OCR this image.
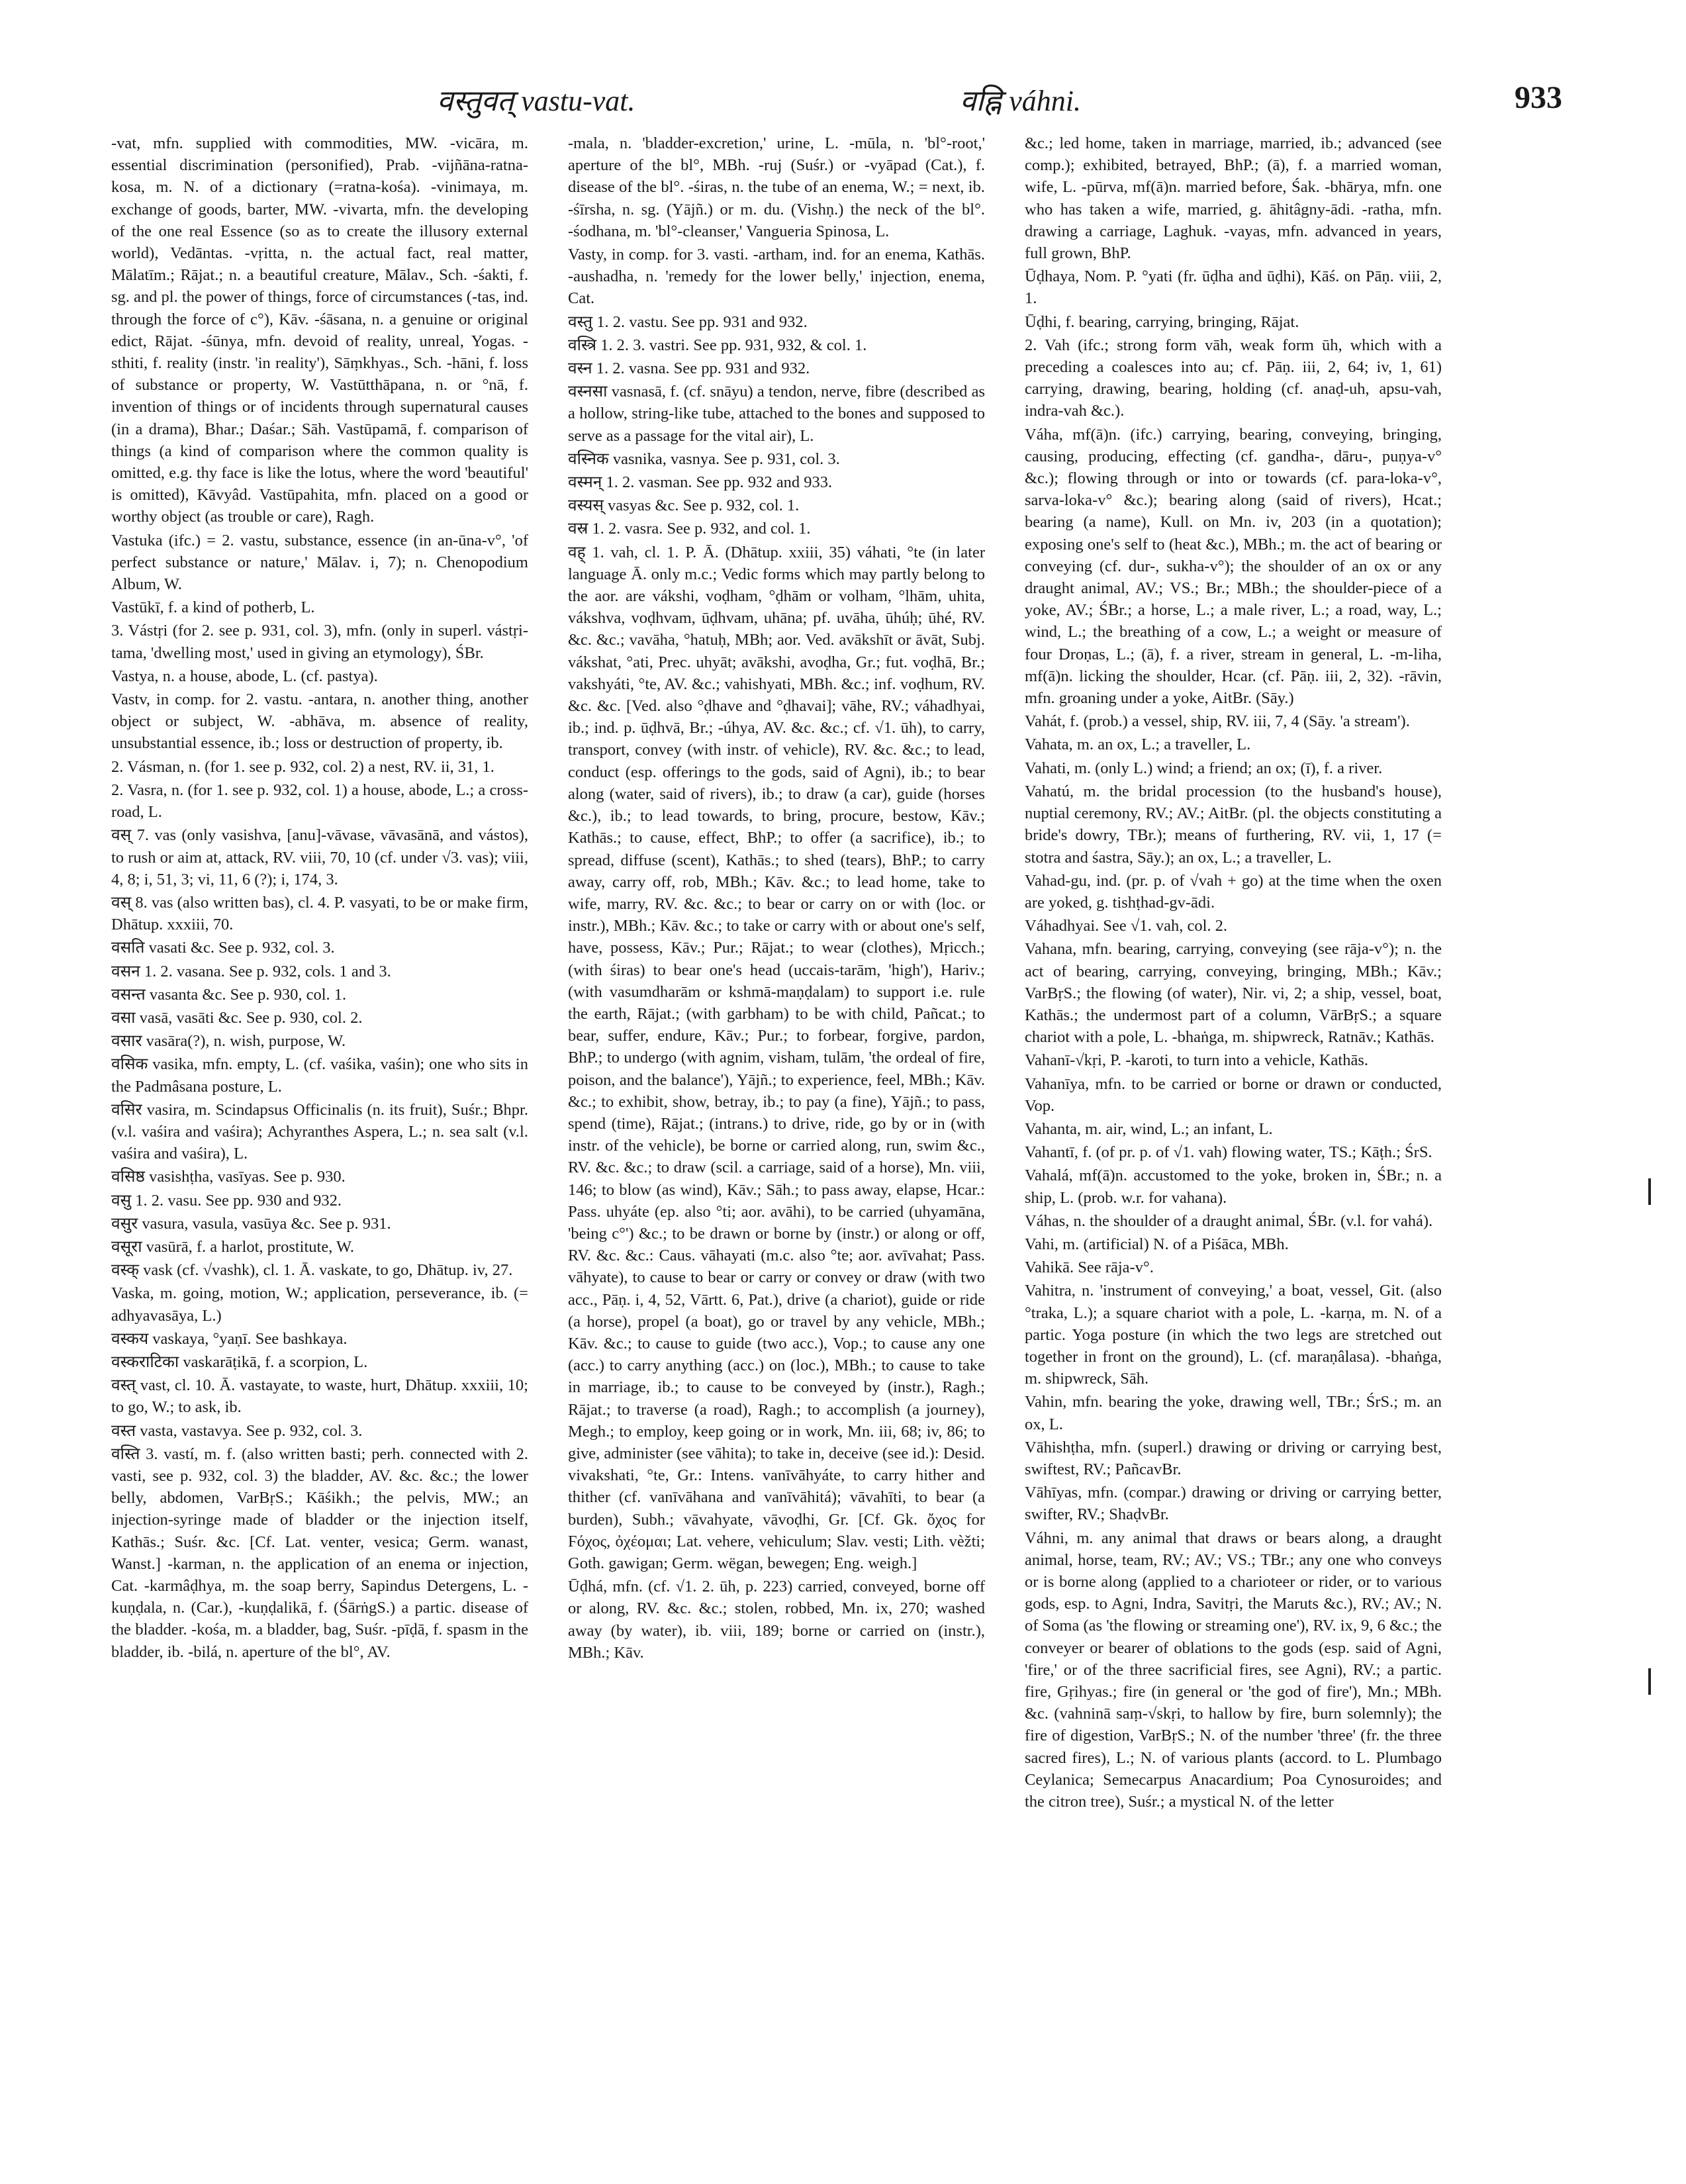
वस्तुवत् vastu-vat.	वह्नि váhni.	933

-vat, mfn. supplied with commodities, MW. -vicāra, m. essential discrimination (personified), Prab. -vijñāna-ratna-kosa, m. N. of a dictionary (=ratna-kośa). -vinimaya, m. exchange of goods, barter, MW. -vivarta, mfn. the developing of the one real Essence (so as to create the illusory external world), Vedāntas. -vṛitta, n. the actual fact, real matter, Mālatīm.; Rājat.; n. a beautiful creature, Mālav., Sch. -śakti, f. sg. and pl. the power of things, force of circumstances (-tas, ind. through the force of c°), Kāv. -śāsana, n. a genuine or original edict, Rājat. -śūnya, mfn. devoid of reality, unreal, Yogas. -sthiti, f. reality (instr. 'in reality'), Sāṃkhyas., Sch. -hāni, f. loss of substance or property, W. Vastūtthāpana, n. or °nā, f. invention of things or of incidents through supernatural causes (in a drama), Bhar.; Daśar.; Sāh. Vastūpamā, f. comparison of things (a kind of comparison where the common quality is omitted, e.g. thy face is like the lotus, where the word 'beautiful' is omitted), Kāvyâd. Vastūpahita, mfn. placed on a good or worthy object (as trouble or care), Ragh.

Vastuka (ifc.) = 2. vastu, substance, essence (in an-ūna-v°, 'of perfect substance or nature,' Mālav. i, 7); n. Chenopodium Album, W.

Vastūkī, f. a kind of potherb, L.

3. Vástṛi (for 2. see p. 931, col. 3), mfn. (only in superl. vástṛi-tama, 'dwelling most,' used in giving an etymology), ŚBr.

Vastya, n. a house, abode, L. (cf. pastya).

Vastv, in comp. for 2. vastu. -antara, n. another thing, another object or subject, W. -abhāva, m. absence of reality, unsubstantial essence, ib.; loss or destruction of property, ib.

2. Vásman, n. (for 1. see p. 932, col. 2) a nest, RV. ii, 31, 1.

2. Vasra, n. (for 1. see p. 932, col. 1) a house, abode, L.; a cross-road, L.

वस् 7. vas (only vasishva, [anu]-vāvase, vāvasānā, and vástos), to rush or aim at, attack, RV. viii, 70, 10 (cf. under √3. vas); viii, 4, 8; i, 51, 3; vi, 11, 6 (?); i, 174, 3.

वस् 8. vas (also written bas), cl. 4. P. vasyati, to be or make firm, Dhātup. xxxiii, 70.

वसति vasati &c. See p. 932, col. 3.

वसन 1. 2. vasana. See p. 932, cols. 1 and 3.

वसन्त vasanta &c. See p. 930, col. 1.

वसा vasā, vasāti &c. See p. 930, col. 2.

वसार vasāra(?), n. wish, purpose, W.

वसिक vasika, mfn. empty, L. (cf. vaśika, vaśin); one who sits in the Padmâsana posture, L.

वसिर vasira, m. Scindapsus Officinalis (n. its fruit), Suśr.; Bhpr. (v.l. vaśira and vaśira); Achyranthes Aspera, L.; n. sea salt (v.l. vaśira and vaśira), L.

वसिष्ठ vasishṭha, vasīyas. See p. 930.

वसु 1. 2. vasu. See pp. 930 and 932.

वसुर vasura, vasula, vasūya &c. See p. 931.

वसूरा vasūrā, f. a harlot, prostitute, W.

वस्क् vask (cf. √vashk), cl. 1. Ā. vaskate, to go, Dhātup. iv, 27.

Vaska, m. going, motion, W.; application, perseverance, ib. (= adhyavasāya, L.)

वस्कय vaskaya, °yaṇī. See bashkaya.

वस्कराटिका vaskarāṭikā, f. a scorpion, L.

वस्त् vast, cl. 10. Ā. vastayate, to waste, hurt, Dhātup. xxxiii, 10; to go, W.; to ask, ib.

वस्त vasta, vastavya. See p. 932, col. 3.

वस्ति 3. vastí, m. f. (also written basti; perh. connected with 2. vasti, see p. 932, col. 3) the bladder, AV. &c. &c.; the lower belly, abdomen, VarBṛS.; Kāśikh.; the pelvis, MW.; an injection-syringe made of bladder or the injection itself, Kathās.; Suśr. &c. [Cf. Lat. venter, vesica; Germ. wanast, Wanst.] -karman, n. the application of an enema or injection, Cat. -karmâḍhya, m. the soap berry, Sapindus Detergens, L. -kuṇḍala, n. (Car.), -kuṇḍalikā, f. (ŚārṅgS.) a partic. disease of the bladder. -kośa, m. a bladder, bag, Suśr. -pīḍā, f. spasm in the bladder, ib. -bilá, n. aperture of the bl°, AV.

-mala, n. 'bladder-excretion,' urine, L. -mūla, n. 'bl°-root,' aperture of the bl°, MBh. -ruj (Suśr.) or -vyāpad (Cat.), f. disease of the bl°. -śiras, n. the tube of an enema, W.; = next, ib. -śīrsha, n. sg. (Yājñ.) or m. du. (Vishṇ.) the neck of the bl°. -śodhana, m. 'bl°-cleanser,' Vangueria Spinosa, L.

Vasty, in comp. for 3. vasti. -artham, ind. for an enema, Kathās. -aushadha, n. 'remedy for the lower belly,' injection, enema, Cat.

वस्तु 1. 2. vastu. See pp. 931 and 932.

वस्त्रि 1. 2. 3. vastri. See pp. 931, 932, & col. 1.

वस्न 1. 2. vasna. See pp. 931 and 932.

वस्नसा vasnasā, f. (cf. snāyu) a tendon, nerve, fibre (described as a hollow, string-like tube, attached to the bones and supposed to serve as a passage for the vital air), L.

वस्निक vasnika, vasnya. See p. 931, col. 3.

वस्मन् 1. 2. vasman. See pp. 932 and 933.

वस्यस् vasyas &c. See p. 932, col. 1.

वस्र 1. 2. vasra. See p. 932, and col. 1.

वह् 1. vah, cl. 1. P. Ā. (Dhātup. xxiii, 35) váhati, °te (in later language Ā. only m.c.; Vedic forms which may partly belong to the aor. are vákshi, voḍham, °ḍhām or volham, °lhām, uhita, vákshva, voḍhvam, ūḍhvam, uhāna; pf. uvāha, ūhúḥ; ūhé, RV. &c. &c.; vavāha, °hatuḥ, MBh; aor. Ved. avākshīt or āvāt, Subj. vákshat, °ati, Prec. uhyāt; avākshi, avoḍha, Gr.; fut. voḍhā, Br.; vakshyáti, °te, AV. &c.; vahishyati, MBh. &c.; inf. voḍhum, RV. &c. &c. [Ved. also °ḍhave and °ḍhavai]; vāhe, RV.; váhadhyai, ib.; ind. p. ūḍhvā, Br.; -úhya, AV. &c. &c.; cf. √1. ūh), to carry, transport, convey (with instr. of vehicle), RV. &c. &c.; to lead, conduct (esp. offerings to the gods, said of Agni), ib.; to bear along (water, said of rivers), ib.; to draw (a car), guide (horses &c.), ib.; to lead towards, to bring, procure, bestow, Kāv.; Kathās.; to cause, effect, BhP.; to offer (a sacrifice), ib.; to spread, diffuse (scent), Kathās.; to shed (tears), BhP.; to carry away, carry off, rob, MBh.; Kāv. &c.; to lead home, take to wife, marry, RV. &c. &c.; to bear or carry on or with (loc. or instr.), MBh.; Kāv. &c.; to take or carry with or about one's self, have, possess, Kāv.; Pur.; Rājat.; to wear (clothes), Mṛicch.; (with śiras) to bear one's head (uccais-tarām, 'high'), Hariv.; (with vasumdharām or kshmā-maṇḍalam) to support i.e. rule the earth, Rājat.; (with garbham) to be with child, Pañcat.; to bear, suffer, endure, Kāv.; Pur.; to forbear, forgive, pardon, BhP.; to undergo (with agnim, visham, tulām, 'the ordeal of fire, poison, and the balance'), Yājñ.; to experience, feel, MBh.; Kāv. &c.; to exhibit, show, betray, ib.; to pay (a fine), Yājñ.; to pass, spend (time), Rājat.; (intrans.) to drive, ride, go by or in (with instr. of the vehicle), be borne or carried along, run, swim &c., RV. &c. &c.; to draw (scil. a carriage, said of a horse), Mn. viii, 146; to blow (as wind), Kāv.; Sāh.; to pass away, elapse, Hcar.: Pass. uhyáte (ep. also °ti; aor. avāhi), to be carried (uhyamāna, 'being c°') &c.; to be drawn or borne by (instr.) or along or off, RV. &c. &c.: Caus. vāhayati (m.c. also °te; aor. avīvahat; Pass. vāhyate), to cause to bear or carry or convey or draw (with two acc., Pāṇ. i, 4, 52, Vārtt. 6, Pat.), drive (a chariot), guide or ride (a horse), propel (a boat), go or travel by any vehicle, MBh.; Kāv. &c.; to cause to guide (two acc.), Vop.; to cause any one (acc.) to carry anything (acc.) on (loc.), MBh.; to cause to take in marriage, ib.; to cause to be conveyed by (instr.), Ragh.; Rājat.; to traverse (a road), Ragh.; to accomplish (a journey), Megh.; to employ, keep going or in work, Mn. iii, 68; iv, 86; to give, administer (see vāhita); to take in, deceive (see id.): Desid. vivakshati, °te, Gr.: Intens. vanīvāhyáte, to carry hither and thither (cf. vanīvāhana and vanīvāhitá); vāvahīti, to bear (a burden), Subh.; vāvahyate, vāvoḍhi, Gr. [Cf. Gk. ὄχος for Ϝόχος, ὀχέομαι; Lat. vehere, vehiculum; Slav. vesti; Lith. vèžti; Goth. gawigan; Germ. wëgan, bewegen; Eng. weigh.]

Ūḍhá, mfn. (cf. √1. 2. ūh, p. 223) carried, conveyed, borne off or along, RV. &c. &c.; stolen, robbed, Mn. ix, 270; washed away (by water), ib. viii, 189; borne or carried on (instr.), MBh.; Kāv.

&c.; led home, taken in marriage, married, ib.; advanced (see comp.); exhibited, betrayed, BhP.; (ā), f. a married woman, wife, L. -pūrva, mf(ā)n. married before, Śak. -bhārya, mfn. one who has taken a wife, married, g. āhitâgny-ādi. -ratha, mfn. drawing a carriage, Laghuk. -vayas, mfn. advanced in years, full grown, BhP.

Ūḍhaya, Nom. P. °yati (fr. ūḍha and ūḍhi), Kāś. on Pāṇ. viii, 2, 1.

Ūḍhi, f. bearing, carrying, bringing, Rājat.

2. Vah (ifc.; strong form vāh, weak form ūh, which with a preceding a coalesces into au; cf. Pāṇ. iii, 2, 64; iv, 1, 61) carrying, drawing, bearing, holding (cf. anaḍ-uh, apsu-vah, indra-vah &c.).

Váha, mf(ā)n. (ifc.) carrying, bearing, conveying, bringing, causing, producing, effecting (cf. gandha-, dāru-, puṇya-v° &c.); flowing through or into or towards (cf. para-loka-v°, sarva-loka-v° &c.); bearing along (said of rivers), Hcat.; bearing (a name), Kull. on Mn. iv, 203 (in a quotation); exposing one's self to (heat &c.), MBh.; m. the act of bearing or conveying (cf. dur-, sukha-v°); the shoulder of an ox or any draught animal, AV.; VS.; Br.; MBh.; the shoulder-piece of a yoke, AV.; ŚBr.; a horse, L.; a male river, L.; a road, way, L.; wind, L.; the breathing of a cow, L.; a weight or measure of four Droṇas, L.; (ā), f. a river, stream in general, L. -m-liha, mf(ā)n. licking the shoulder, Hcar. (cf. Pāṇ. iii, 2, 32). -rāvin, mfn. groaning under a yoke, AitBr. (Sāy.)

Vahát, f. (prob.) a vessel, ship, RV. iii, 7, 4 (Sāy. 'a stream').

Vahata, m. an ox, L.; a traveller, L.

Vahati, m. (only L.) wind; a friend; an ox; (ī), f. a river.

Vahatú, m. the bridal procession (to the husband's house), nuptial ceremony, RV.; AV.; AitBr. (pl. the objects constituting a bride's dowry, TBr.); means of furthering, RV. vii, 1, 17 (= stotra and śastra, Sāy.); an ox, L.; a traveller, L.

Vahad-gu, ind. (pr. p. of √vah + go) at the time when the oxen are yoked, g. tishṭhad-gv-ādi.

Váhadhyai. See √1. vah, col. 2.

Vahana, mfn. bearing, carrying, conveying (see rāja-v°); n. the act of bearing, carrying, conveying, bringing, MBh.; Kāv.; VarBṛS.; the flowing (of water), Nir. vi, 2; a ship, vessel, boat, Kathās.; the undermost part of a column, VārBṛS.; a square chariot with a pole, L. -bhaṅga, m. shipwreck, Ratnāv.; Kathās.

Vahanī-√kṛi, P. -karoti, to turn into a vehicle, Kathās.

Vahanīya, mfn. to be carried or borne or drawn or conducted, Vop.

Vahanta, m. air, wind, L.; an infant, L.

Vahantī, f. (of pr. p. of √1. vah) flowing water, TS.; Kāṭh.; ŚrS.

Vahalá, mf(ā)n. accustomed to the yoke, broken in, ŚBr.; n. a ship, L. (prob. w.r. for vahana).

Váhas, n. the shoulder of a draught animal, ŚBr. (v.l. for vahá).

Vahi, m. (artificial) N. of a Piśāca, MBh.

Vahikā. See rāja-v°.

Vahitra, n. 'instrument of conveying,' a boat, vessel, Git. (also °traka, L.); a square chariot with a pole, L. -karṇa, m. N. of a partic. Yoga posture (in which the two legs are stretched out together in front on the ground), L. (cf. maraṇâlasa). -bhaṅga, m. shipwreck, Sāh.

Vahin, mfn. bearing the yoke, drawing well, TBr.; ŚrS.; m. an ox, L.

Vāhishṭha, mfn. (superl.) drawing or driving or carrying best, swiftest, RV.; PañcavBr.

Vāhīyas, mfn. (compar.) drawing or driving or carrying better, swifter, RV.; ShaḍvBr.

Váhni, m. any animal that draws or bears along, a draught animal, horse, team, RV.; AV.; VS.; TBr.; any one who conveys or is borne along (applied to a charioteer or rider, or to various gods, esp. to Agni, Indra, Savitṛi, the Maruts &c.), RV.; AV.; N. of Soma (as 'the flowing or streaming one'), RV. ix, 9, 6 &c.; the conveyer or bearer of oblations to the gods (esp. said of Agni, 'fire,' or of the three sacrificial fires, see Agni), RV.; a partic. fire, Gṛihyas.; fire (in general or 'the god of fire'), Mn.; MBh. &c. (vahninā saṃ-√skṛi, to hallow by fire, burn solemnly); the fire of digestion, VarBṛS.; N. of the number 'three' (fr. the three sacred fires), L.; N. of various plants (accord. to L. Plumbago Ceylanica; Semecarpus Anacardium; Poa Cynosuroides; and the citron tree), Suśr.; a mystical N. of the letter
